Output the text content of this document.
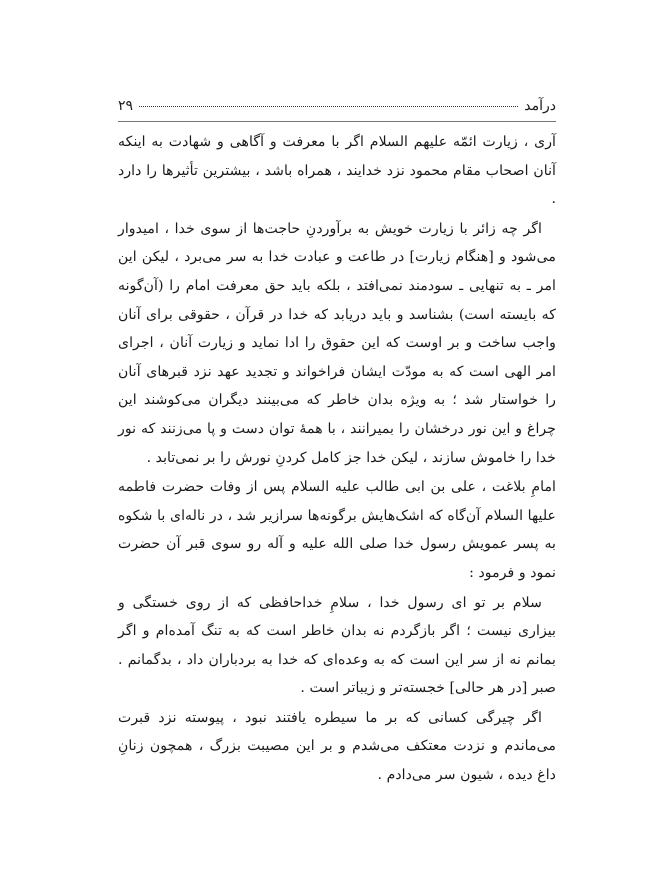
درآمد
۲۹

آری ، زیارت ائمّه علیهم السلام اگر با معرفت و آگاهی و شهادت به اینکه آنان اصحاب مقام محمود نزد خدایند ، همراه باشد ، بیشترین تأثیرها را دارد .

اگر چه زائر با زیارت خویش به برآوردنِ حاجت‌ها از سوی خدا ، امیدوار می‌شود و [هنگام زیارت] در طاعت و عبادت خدا به سر می‌برد ، لیکن این امر ـ به تنهایی ـ سودمند نمی‌افتد ، بلکه باید حق معرفت امام را (آن‌گونه که بایسته است) بشناسد و باید دریابد که خدا در قرآن ، حقوقی برای آنان واجب ساخت و بر اوست که این حقوق را ادا نماید و زیارت آنان ، اجرای امر الهی است که به مودّت ایشان فراخواند و تجدید عهد نزد قبرهای آنان را خواستار شد ؛ به ویژه بدان خاطر که می‌بینند دیگران می‌کوشند این چراغ و این نور درخشان را بمیرانند ، با همهٔ توان دست و پا می‌زنند که نور خدا را خاموش سازند ، لیکن خدا جز کامل کردنِ نورش را بر نمی‌تابد .

امامِ بلاغت ، علی بن ابی طالب علیه السلام پس از وفات حضرت فاطمه علیها السلام آن‌گاه که اشک‌هایش برگونه‌ها سرازیر شد ، در ناله‌ای با شکوه به پسر عمویش رسول خدا صلی الله علیه و آله رو سوی قبر آن حضرت نمود و فرمود :

سلام بر تو ای رسول خدا ، سلامِ خداحافظی که از روی خستگی و بیزاری نیست ؛ اگر بازگردم نه بدان خاطر است که به تنگ آمده‌ام و اگر بمانم نه از سر این است که به وعده‌ای که خدا به بردباران داد ، بدگمانم . صبر [در هر حالی] خجسته‌تر و زیباتر است .

اگر چیرگی کسانی که بر ما سیطره یافتند نبود ، پیوسته نزد قبرت می‌ماندم و نزدت معتکف می‌شدم و بر این مصیبت بزرگ ، همچون زنانِ داغ دیده ، شیون سر می‌دادم .
